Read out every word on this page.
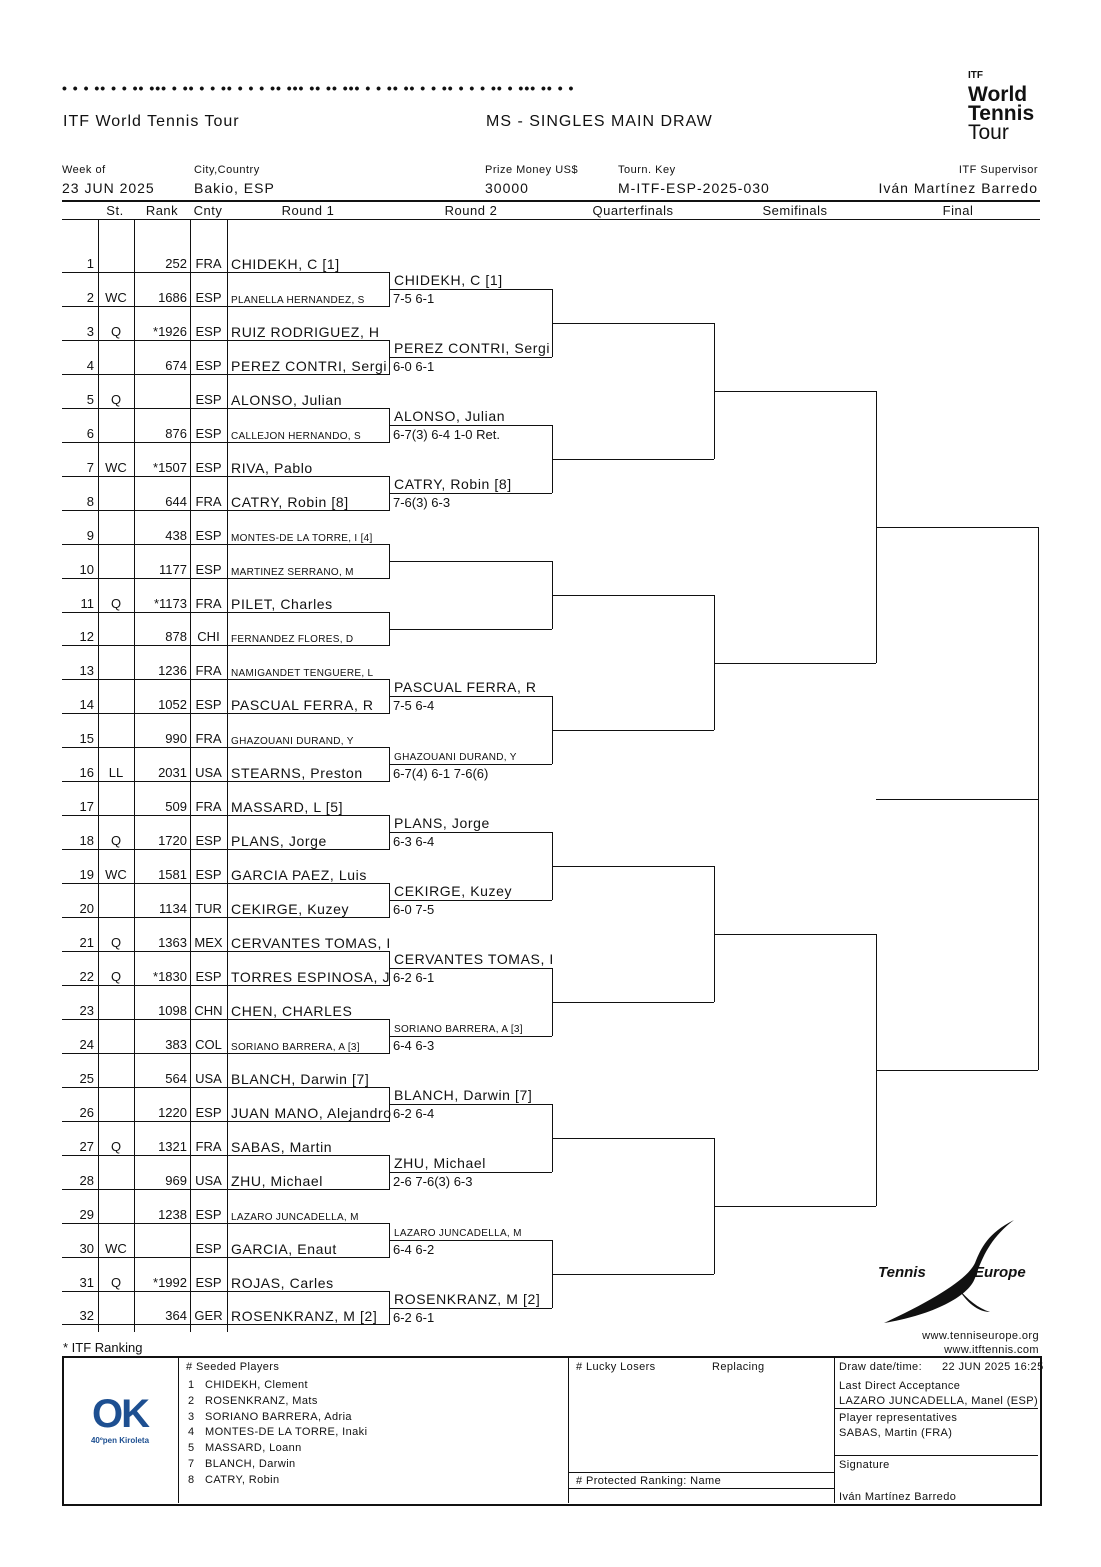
• • • •• • • •• ••• • •• • • •• • • • •• ••• •• •• ••• • • •• •• • • •• • • • •• • ••• •• • •
ITF
World
Tennis
Tour
ITF World Tennis Tour	MS - SINGLES MAIN DRAW
Week of
23 JUN 2025
City,Country
Bakio, ESP
Prize Money US$
30000
Tourn. Key
M-ITF-ESP-2025-030
ITF Supervisor
Iván Martínez Barredo
St.	Rank	Cnty	Round 1	Round 2	Quarterfinals	Semifinals	Final
1	252 FRA CHIDEKH, C [1]
2 WC	1686 ESP PLANELLA HERNANDEZ, S
3	Q	*1926 ESP RUIZ RODRIGUEZ, H
4	674 ESP PEREZ CONTRI, Sergi
5	Q	ESP ALONSO, Julian
6	876 ESP CALLEJON HERNANDO, S
7 WC	*1507 ESP RIVA, Pablo
8	644 FRA CATRY, Robin [8]
9	438 ESP MONTES-DE LA TORRE, I [4]
10	1177 ESP MARTINEZ SERRANO, M
11	Q	*1173 FRA PILET, Charles
12	878 CHI	FERNANDEZ FLORES, D
13	1236 FRA NAMIGANDET TENGUERE, L
14	1052 ESP PASCUAL FERRA, R
15	990 FRA GHAZOUANI DURAND, Y
16	LL	2031 USA STEARNS, Preston
17	509 FRA MASSARD, L [5]
18	Q	1720 ESP PLANS, Jorge
19 WC	1581 ESP GARCIA PAEZ, Luis
20	1134 TUR CEKIRGE, Kuzey
21	Q	1363 MEX CERVANTES TOMAS, I
22	Q	*1830 ESP TORRES ESPINOSA, J
23	1098 CHN CHEN, CHARLES
24	383 COL SORIANO BARRERA, A [3]
25	564 USA BLANCH, Darwin [7]
26	1220 ESP JUAN MANO, Alejandro
27	Q	1321 FRA SABAS, Martin
28	969 USA ZHU, Michael
29	1238 ESP LAZARO JUNCADELLA, M
30 WC	ESP GARCIA, Enaut
31	Q	*1992 ESP ROJAS, Carles
32	364 GER ROSENKRANZ, M [2]
CHIDEKH, C [1]
7-5 6-1
PEREZ CONTRI, Sergi
6-0 6-1
ALONSO, Julian
6-7(3) 6-4 1-0 Ret.
CATRY, Robin [8]
7-6(3) 6-3
PASCUAL FERRA, R
7-5 6-4
GHAZOUANI DURAND, Y
6-7(4) 6-1 7-6(6)
PLANS, Jorge
6-3 6-4
CEKIRGE, Kuzey
6-0 7-5
CERVANTES TOMAS, I
6-2 6-1
SORIANO BARRERA, A [3]
6-4 6-3
BLANCH, Darwin [7]
6-2 6-4
ZHU, Michael
2-6 7-6(3) 6-3
LAZARO JUNCADELLA, M
6-4 6-2
ROSENKRANZ, M [2]
6-2 6-1
Tennis	Europe
www.tenniseurope.org
www.itftennis.com
* ITF Ranking
OK
40ºpen Kiroleta
# Seeded Players
1 CHIDEKH, Clement
2 ROSENKRANZ, Mats
3 SORIANO BARRERA, Adria
4 MONTES-DE LA TORRE, Inaki
5 MASSARD, Loann
7 BLANCH, Darwin
8 CATRY, Robin
# Lucky Losers	Replacing
# Protected Ranking: Name
Draw date/time: 22 JUN 2025 16:25
Last Direct Acceptance
LAZARO JUNCADELLA, Manel (ESP)
Player representatives
SABAS, Martin (FRA)
Signature
Iván Martínez Barredo
